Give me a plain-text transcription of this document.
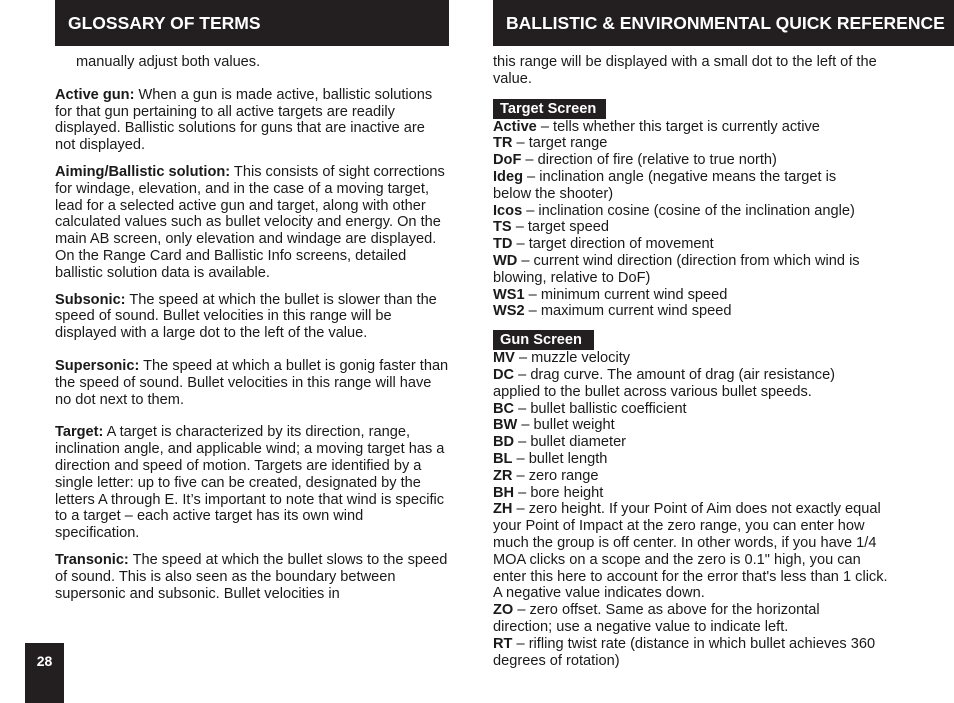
GLOSSARY OF TERMS

manually adjust both values.

Active gun: When a gun is made active, ballistic solutions for that gun pertaining to all active targets are readily displayed. Ballistic solutions for guns that are inactive are not displayed.

Aiming/Ballistic solution: This consists of sight corrections for windage, elevation, and in the case of a moving target, lead for a selected active gun and target, along with other calculated values such as bullet velocity and energy. On the main AB screen, only elevation and windage are displayed. On the Range Card and Ballistic Info screens, detailed ballistic solution data is available.

Subsonic: The speed at which the bullet is slower than the speed of sound. Bullet velocities in this range will be displayed with a large dot to the left of the value.

Supersonic: The speed at which a bullet is gonig faster than the speed of sound. Bullet velocities in this range will have no dot next to them.

Target: A target is characterized by its direction, range, inclination angle, and applicable wind; a moving target has a direction and speed of motion. Targets are identified by a single letter: up to five can be created, designated by the letters A through E. It’s important to note that wind is specific to a target – each active target has its own wind specification.

Transonic: The speed at which the bullet slows to the speed of sound. This is also seen as the boundary between supersonic and subsonic. Bullet velocities in

BALLISTIC & ENVIRONMENTAL QUICK REFERENCE

this range will be displayed with a small dot to the left of the value.

Target Screen

Active – tells whether this target is currently active

TR – target range

DoF – direction of fire (relative to true north)

Ideg – inclination angle (negative means the target is below the shooter)

Icos – inclination cosine (cosine of the inclination angle)

TS – target speed

TD – target direction of movement

WD – current wind direction (direction from which wind is blowing, relative to DoF)

WS1 – minimum current wind speed

WS2 – maximum current wind speed

Gun Screen

MV – muzzle velocity

DC – drag curve. The amount of drag (air resistance) applied to the bullet across various bullet speeds.

BC – bullet ballistic coefficient

BW – bullet weight

BD – bullet diameter

BL – bullet length

ZR – zero range

BH – bore height

ZH – zero height. If your Point of Aim does not exactly equal your Point of Impact at the zero range, you can enter how much the group is off center. In other words, if you have 1/4 MOA clicks on a scope and the zero is 0.1" high, you can enter this here to account for the error that's less than 1 click. A negative value indicates down.

ZO – zero offset. Same as above for the horizontal direction; use a negative value to indicate left.

RT – rifling twist rate (distance in which bullet achieves 360 degrees of rotation)

28
